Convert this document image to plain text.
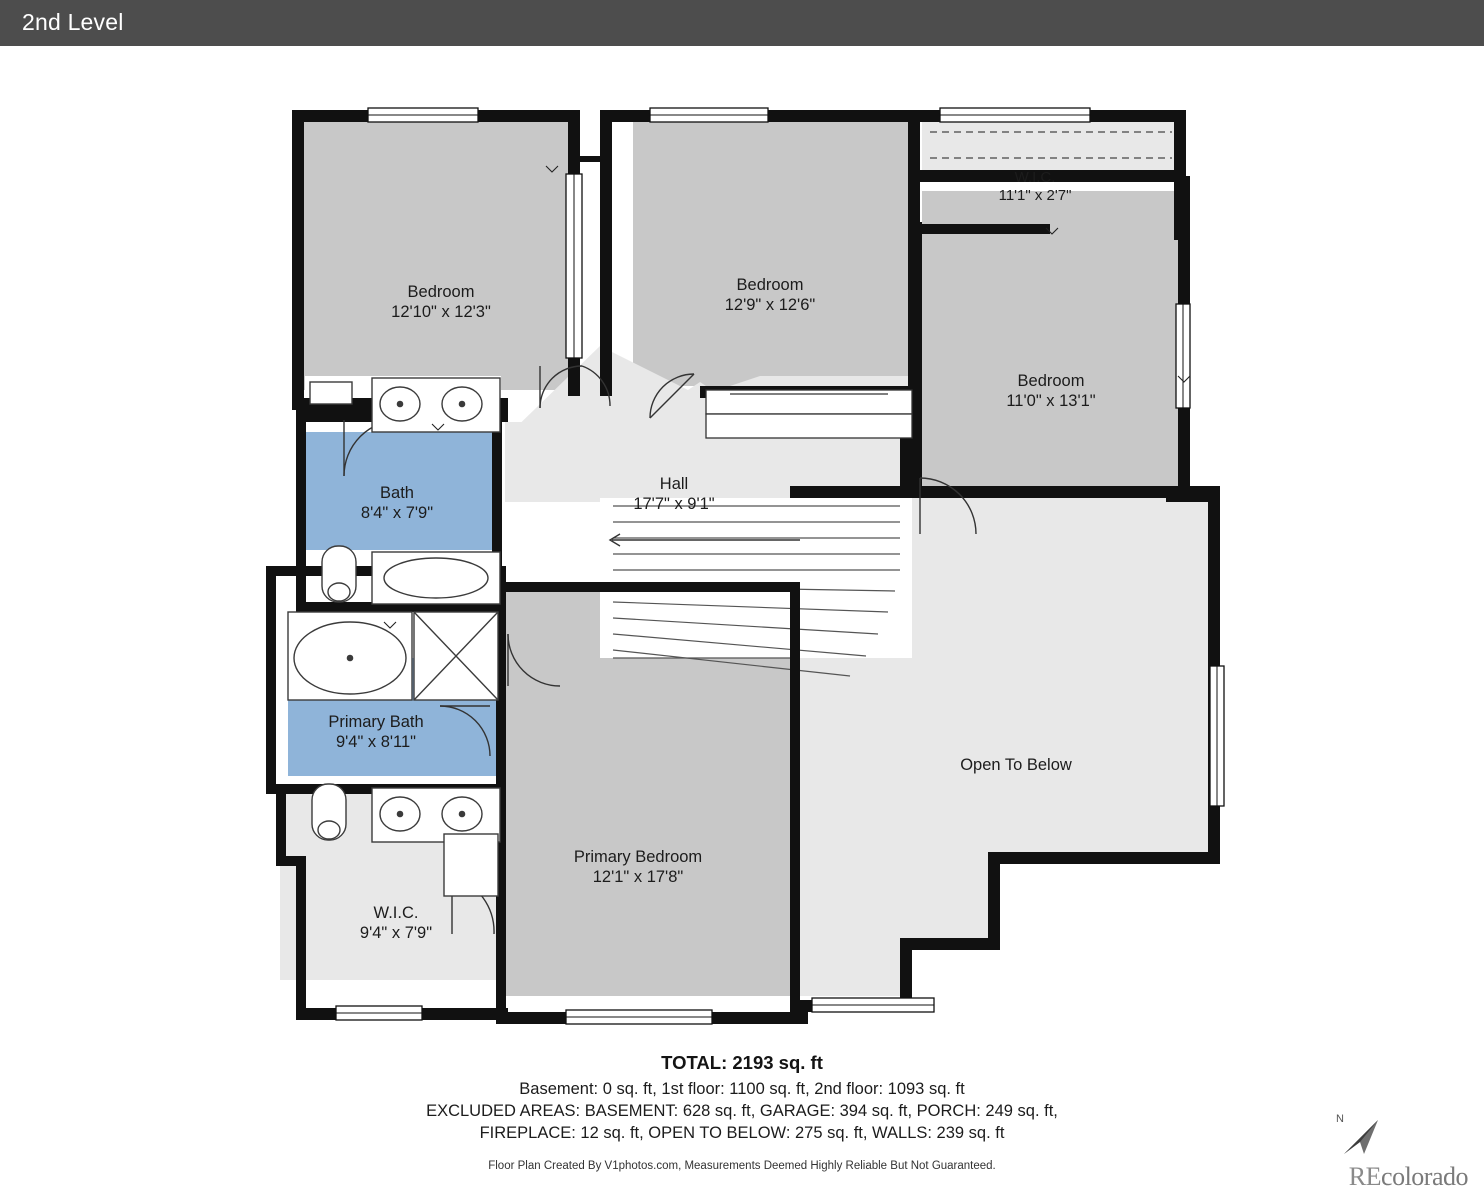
2nd Level
Bedroom
12'10" x 12'3"
Bedroom
12'9" x 12'6"
W.I.C.
11'1" x 2'7"
Bedroom
11'0" x 13'1"
Bath
8'4" x 7'9"
Hall
17'7" x 9'1"
Primary Bath
9'4" x 8'11"
Open To Below
Primary Bedroom
12'1" x 17'8"
W.I.C.
9'4" x 7'9"
TOTAL: 2193 sq. ft
Basement: 0 sq. ft, 1st floor: 1100 sq. ft, 2nd floor: 1093 sq. ft
EXCLUDED AREAS: BASEMENT: 628 sq. ft, GARAGE: 394 sq. ft, PORCH: 249 sq. ft,
FIREPLACE: 12 sq. ft, OPEN TO BELOW: 275 sq. ft, WALLS: 239 sq. ft
Floor Plan Created By V1photos.com, Measurements Deemed Highly Reliable But Not Guaranteed.
N
REcolorado
